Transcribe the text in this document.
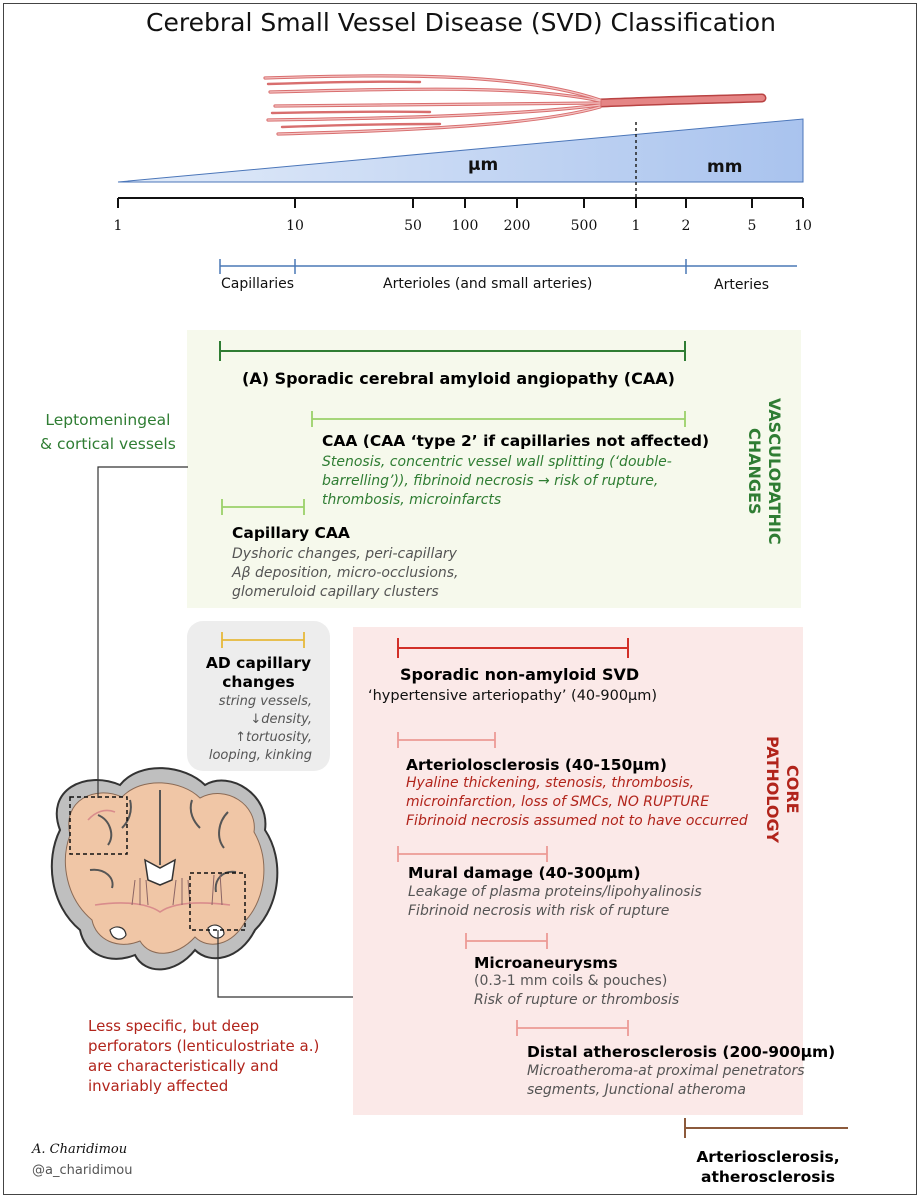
Cerebral Small Vessel Disease (SVD) Classification
μm	mm
1	10	50 100 200	500 1	2	5	10
Capillaries	Arterioles (and small arteries)	Arteries
(A) Sporadic cerebral amyloid angiopathy (CAA)
CAA (CAA ‘type 2’ if capillaries not affected)
Stenosis, concentric vessel wall splitting (‘double-
barrelling’)), fibrinoid necrosis → risk of rupture,
thrombosis, microinfarcts
Capillary CAA
Dyshoric changes, peri-capillary
Aβ deposition, micro-occlusions,
glomeruloid capillary clusters
VASCULOPATHIC
CHANGES
Leptomeningeal
& cortical vessels
AD capillary
changes
string vessels,
↓density,
↑tortuosity,
looping, kinking
Sporadic non-amyloid SVD
‘hypertensive arteriopathy’ (40-900μm)
Arteriolosclerosis (40-150μm)
Hyaline thickening, stenosis, thrombosis,
microinfarction, loss of SMCs, NO RUPTURE
Fibrinoid necrosis assumed not to have occurred
Mural damage (40-300μm)
Leakage of plasma proteins/lipohyalinosis
Fibrinoid necrosis with risk of rupture
Microaneurysms
(0.3-1 mm coils & pouches)
Risk of rupture or thrombosis
Distal atherosclerosis (200-900μm)
Microatheroma-at proximal penetrators
segments, Junctional atheroma
CORE
PATHOLOGY
Less specific, but deep
perforators (lenticulostriate a.)
are characteristically and
invariably affected
Arteriosclerosis,
atherosclerosis
A. Charidimou
@a_charidimou
